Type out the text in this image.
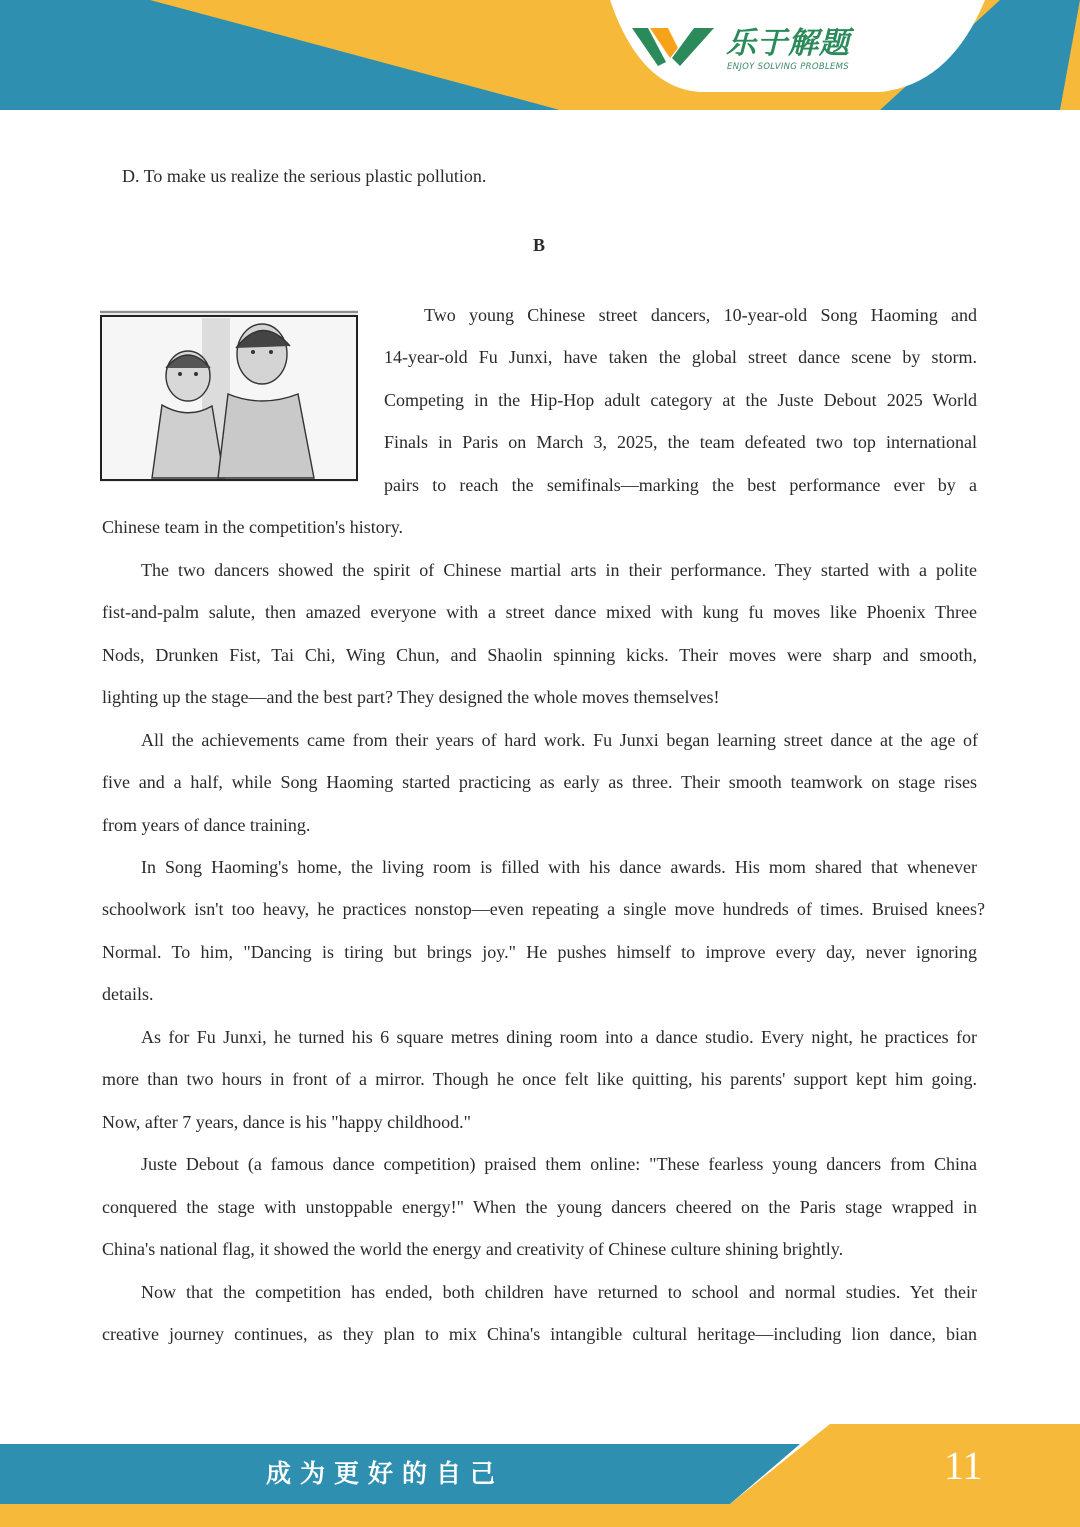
乐于解题
ENJOY SOLVING PROBLEMS
D. To make us realize the serious plastic pollution.
B
Two young Chinese street dancers, 10-year-old Song Haoming and
14-year-old Fu Junxi, have taken the global street dance scene by storm.
Competing in the Hip-Hop adult category at the Juste Debout 2025 World
Finals in Paris on March 3, 2025, the team defeated two top international
pairs to reach the semifinals—marking the best performance ever by a
Chinese team in the competition's history.
The two dancers showed the spirit of Chinese martial arts in their performance. They started with a polite
fist-and-palm salute, then amazed everyone with a street dance mixed with kung fu moves like Phoenix Three
Nods, Drunken Fist, Tai Chi, Wing Chun, and Shaolin spinning kicks. Their moves were sharp and smooth,
lighting up the stage—and the best part? They designed the whole moves themselves!
All the achievements came from their years of hard work. Fu Junxi began learning street dance at the age of
five and a half, while Song Haoming started practicing as early as three. Their smooth teamwork on stage rises
from years of dance training.
In Song Haoming's home, the living room is filled with his dance awards. His mom shared that whenever
schoolwork isn't too heavy, he practices nonstop—even repeating a single move hundreds of times. Bruised knees?
Normal. To him, "Dancing is tiring but brings joy." He pushes himself to improve every day, never ignoring
details.
As for Fu Junxi, he turned his 6 square metres dining room into a dance studio. Every night, he practices for
more than two hours in front of a mirror. Though he once felt like quitting, his parents' support kept him going.
Now, after 7 years, dance is his "happy childhood."
Juste Debout (a famous dance competition) praised them online: "These fearless young dancers from China
conquered the stage with unstoppable energy!" When the young dancers cheered on the Paris stage wrapped in
China's national flag, it showed the world the energy and creativity of Chinese culture shining brightly.
Now that the competition has ended, both children have returned to school and normal studies. Yet their
creative journey continues, as they plan to mix China's intangible cultural heritage—including lion dance, bian
成为更好的自己	11
